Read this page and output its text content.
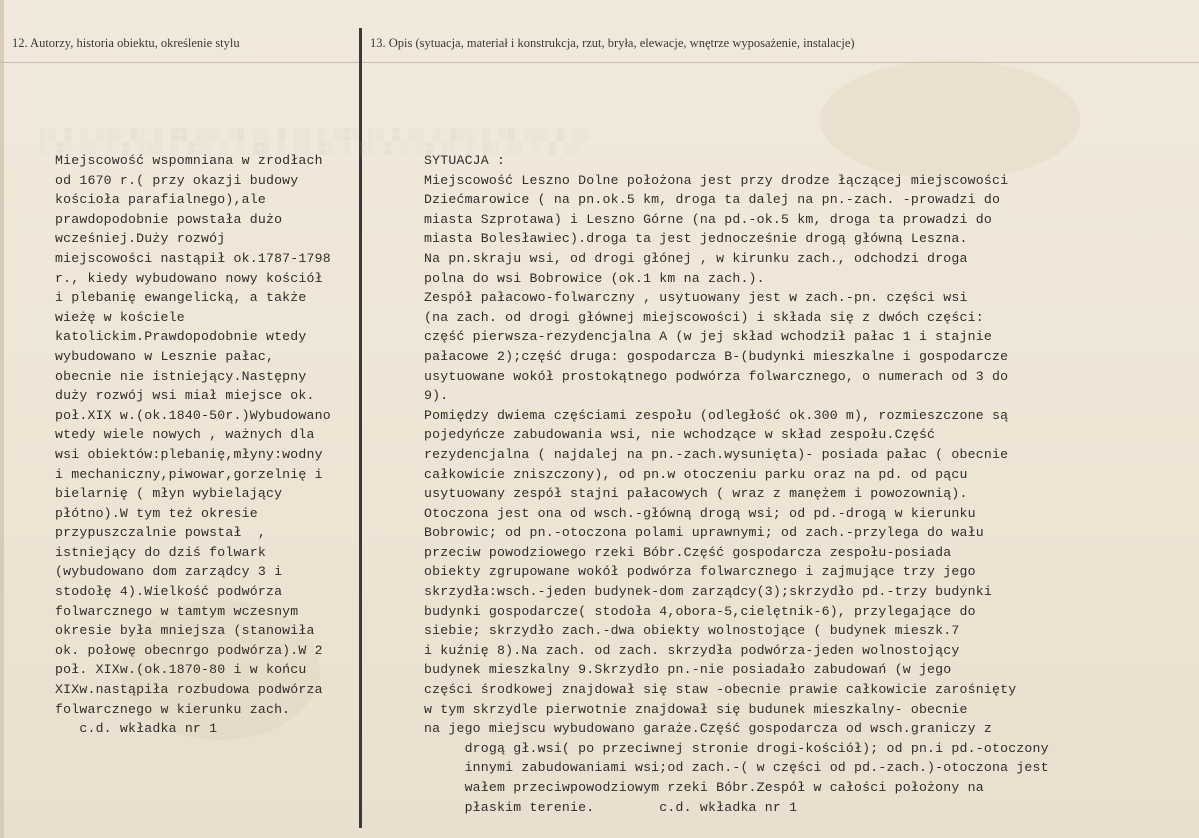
12. Autorzy, historia obiektu, określenie stylu	13. Opis (sytuacja, materiał i konstrukcja, rzut, bryła, elewacje, wnętrze wyposażenie, instalacje)
░░ ▒ ░ ░░░ ▒░ ░ ▒▒ ░░░ ░▒ ░░ ▒ ░░ ░ ░▒░ ░░ ▒ ░░ ░ ▒░░ ░ ░▒ ░░░ ▒ ░░
░ ▒░ ░░ ░ ▒ ░░░ ░ ▒░░ ░ ░ ▒▒ ░ ░░ ▒░ ░ ░░ ▒ ░ ░▒ ░░ ░ ▒░ ░░ ░ ▒ ░░
Miejscowość wspomniana w zrodłach
od 1670 r.( przy okazji budowy
kościoła parafialnego),ale
prawdopodobnie powstała dużo
wcześniej.Duży rozwój
miejscowości nastąpił ok.1787-1798
r., kiedy wybudowano nowy kościół
i plebanię ewangelicką, a także
wieżę w kościele
katolickim.Prawdopodobnie wtedy
wybudowano w Lesznie pałac,
obecnie nie istniejący.Następny
duży rozwój wsi miał miejsce ok.
poł.XIX w.(ok.1840-50r.)Wybudowano
wtedy wiele nowych , ważnych dla
wsi obiektów:plebanię,młyny:wodny
i mechaniczny,piwowar,gorzelnię i
bielarnię ( młyn wybielający
płótno).W tym też okresie
przypuszczalnie powstał  ,
istniejący do dziś folwark
(wybudowano dom zarządcy 3 i
stodołę 4).Wielkość podwórza
folwarcznego w tamtym wczesnym
okresie była mniejsza (stanowiła
ok. połowę obecnrgo podwórza).W 2
poł. XIXw.(ok.1870-80 i w końcu
XIXw.nastąpiła rozbudowa podwórza
folwarcznego w kierunku zach.
c.d. wkładka nr 1
SYTUACJA :
Miejscowość Leszno Dolne położona jest przy drodze łączącej miejscowości
Dziećmarowice ( na pn.ok.5 km, droga ta dalej na pn.-zach. -prowadzi do
miasta Szprotawa) i Leszno Górne (na pd.-ok.5 km, droga ta prowadzi do
miasta Bolesławiec).droga ta jest jednocześnie drogą główną Leszna.
Na pn.skraju wsi, od drogi głónej , w kirunku zach., odchodzi droga
polna do wsi Bobrowice (ok.1 km na zach.).
Zespół pałacowo-folwarczny , usytuowany jest w zach.-pn. części wsi
(na zach. od drogi głównej miejscowości) i składa się z dwóch części:
część pierwsza-rezydencjalna A (w jej skład wchodził pałac 1 i stajnie
pałacowe 2);część druga: gospodarcza B-(budynki mieszkalne i gospodarcze
usytuowane wokół prostokątnego podwórza folwarcznego, o numerach od 3 do
9).
Pomiędzy dwiema częściami zespołu (odległość ok.300 m), rozmieszczone są
pojedyńcze zabudowania wsi, nie wchodzące w skład zespołu.Część
rezydencjalna ( najdalej na pn.-zach.wysunięta)- posiada pałac ( obecnie
całkowicie zniszczony), od pn.w otoczeniu parku oraz na pd. od pącu
usytuowany zespół stajni pałacowych ( wraz z manężem i powozownią).
Otoczona jest ona od wsch.-główną drogą wsi; od pd.-drogą w kierunku
Bobrowic; od pn.-otoczona polami uprawnymi; od zach.-przylega do wału
przeciw powodziowego rzeki Bóbr.Część gospodarcza zespołu-posiada
obiekty zgrupowane wokół podwórza folwarcznego i zajmujące trzy jego
skrzydła:wsch.-jeden budynek-dom zarządcy(3);skrzydło pd.-trzy budynki
budynki gospodarcze( stodoła 4,obora-5,cielętnik-6), przylegające do
siebie; skrzydło zach.-dwa obiekty wolnostojące ( budynek mieszk.7
i kuźnię 8).Na zach. od zach. skrzydła podwórza-jeden wolnostojący
budynek mieszkalny 9.Skrzydło pn.-nie posiadało zabudowań (w jego
części środkowej znajdował się staw -obecnie prawie całkowicie zarośnięty
w tym skrzydle pierwotnie znajdował się budunek mieszkalny- obecnie
na jego miejscu wybudowano garaże.Część gospodarcza od wsch.graniczy z
drogą gł.wsi( po przeciwnej stronie drogi-kościół); od pn.i pd.-otoczony
innymi zabudowaniami wsi;od zach.-( w części od pd.-zach.)-otoczona jest
wałem przeciwpowodziowym rzeki Bóbr.Zespół w całości położony na
płaskim terenie.        c.d. wkładka nr 1
